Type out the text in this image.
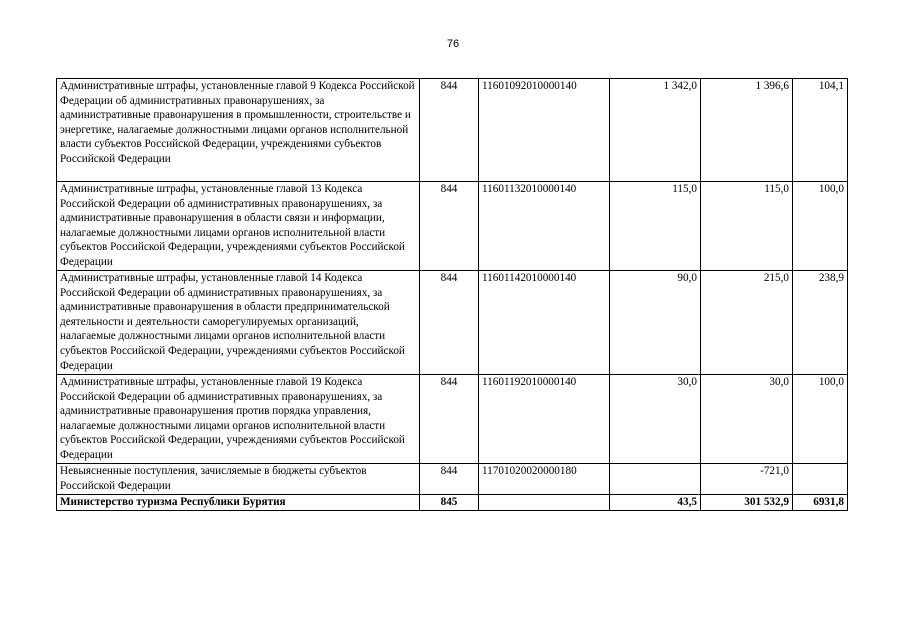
76
Административные штрафы, установленные главой 9 Кодекса Российской Федерации об административных правонарушениях, за административные правонарушения в промышленности, строительстве и энергетике, налагаемые должностными лицами органов исполнительной власти субъектов Российской Федерации, учреждениями субъектов Российской Федерации	844	11601092010000140	1 342,0	1 396,6	104,1
Административные штрафы, установленные главой 13 Кодекса Российской Федерации об административных правонарушениях, за административные правонарушения в области связи и информации, налагаемые должностными лицами органов исполнительной власти субъектов Российской Федерации, учреждениями субъектов Российской Федерации	844	11601132010000140	115,0	115,0	100,0
Административные штрафы, установленные главой 14 Кодекса Российской Федерации об административных правонарушениях, за административные правонарушения в области предпринимательской деятельности и деятельности саморегулируемых организаций, налагаемые должностными лицами органов исполнительной власти субъектов Российской Федерации, учреждениями субъектов Российской Федерации	844	11601142010000140	90,0	215,0	238,9
Административные штрафы, установленные главой 19 Кодекса Российской Федерации об административных правонарушениях, за административные правонарушения против порядка управления, налагаемые должностными лицами органов исполнительной власти субъектов Российской Федерации, учреждениями субъектов Российской Федерации	844	11601192010000140	30,0	30,0	100,0
Невыясненные поступления, зачисляемые в бюджеты субъектов Российской Федерации	844	11701020020000180		-721,0	
Министерство туризма Республики Бурятия	845		43,5	301 532,9	6931,8
